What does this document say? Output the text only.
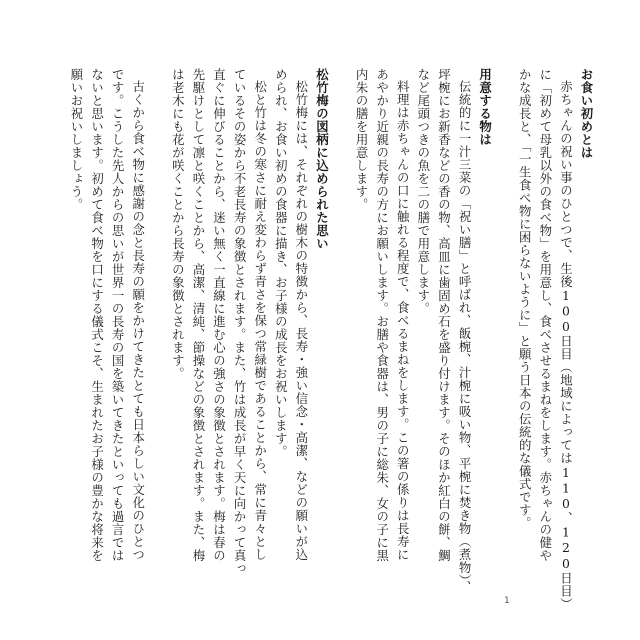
お食い初めとは
赤ちゃんの祝い事のひとつで、生後100日目（地域によっては110、120日目）
に「初めて母乳以外の食べ物」を用意し、食べさせるまねをします。赤ちゃんの健や
かな成長と、「一生食べ物に困らないように」と願う日本の伝統的な儀式です。
用意する物は
伝統的に一汁三菜の「祝い膳」と呼ばれ、飯椀、汁椀に吸い物、平椀に焚き物（煮物）、
坪椀にお新香などの香の物、高皿に歯固め石を盛り付けます。そのほか紅白の餅、鯛
など尾頭つきの魚を二の膳で用意します。
料理は赤ちゃんの口に触れる程度で、食べるまねをします。この箸の係りは長寿に
あやかり近親の長寿の方にお願いします。お膳や食器は、男の子に総朱、女の子に黒
内朱の膳を用意します。
松竹梅の図柄に込められた思い
松竹梅には、それぞれの樹木の特徴から、長寿・強い信念・高潔、などの願いが込
められ、お食い初めの食器に描き、お子様の成長をお祝いします。
松と竹は冬の寒さに耐え変わらず青さを保つ常緑樹であることから、常に青々とし
ているその姿から不老長寿の象徴とされます。また、竹は成長が早く天に向かって真っ
直ぐに伸びることから、迷い無く一直線に進む心の強さの象徴とされます。梅は春の
先駆けとして凛と咲くことから、高潔、清純、節操などの象徴とされます。また、梅
は老木にも花が咲くことから長寿の象徴とされます。
古くから食べ物に感謝の念と長寿の願をかけてきたとても日本らしい文化のひとつ
です。こうした先人からの思いが世界一の長寿の国を築いてきたといっても過言では
ないと思います。初めて食べ物を口にする儀式こそ、生まれたお子様の豊かな将来を
願いお祝いしましょう。
1
